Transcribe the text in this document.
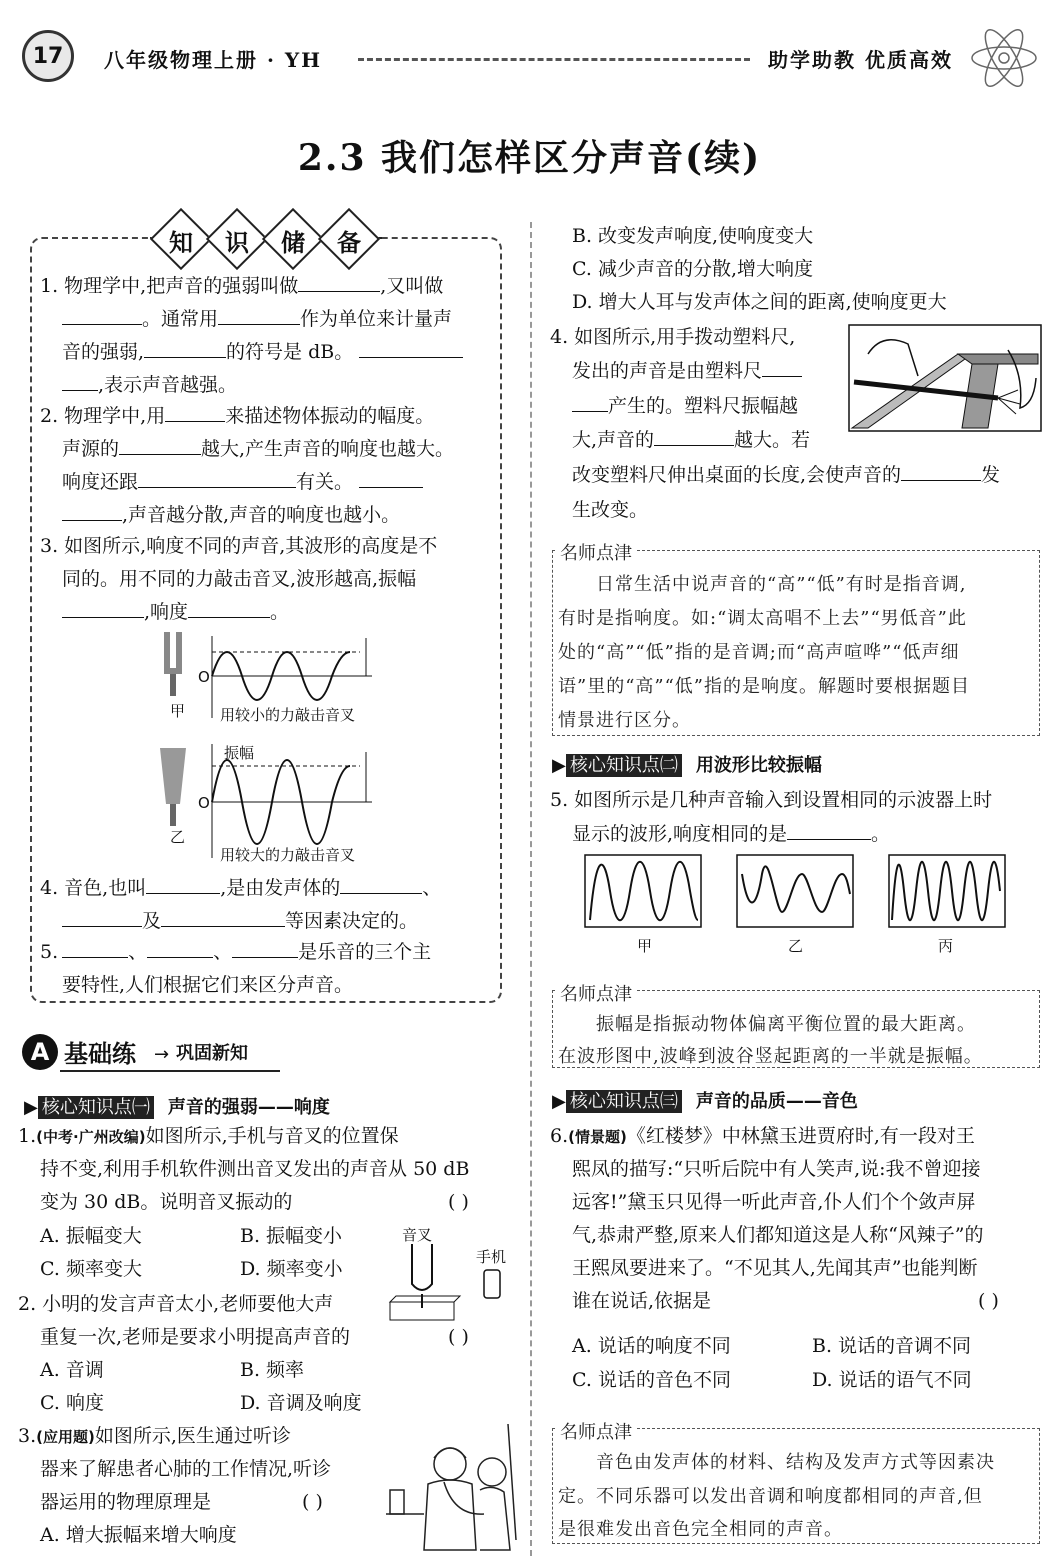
17	八年级物理上册 · YH	助学助教 优质高效
2.3 我们怎样区分声音(续)
知	识	储	备
1. 物理学中,把声音的强弱叫做	,又叫做
。通常用	作为单位来计量声
音的强弱,	的符号是 dB。
,表示声音越强。
2. 物理学中,用	来描述物体振动的幅度。
声源的	越大,产生声音的响度也越大。
响度还跟	有关。
,声音越分散,声音的响度也越小。
3. 如图所示,响度不同的声音,其波形的高度是不
同的。用不同的力敲击音叉,波形越高,振幅
,响度	。
O
O
甲 用较小的力敲击音叉
振幅
乙
用较大的力敲击音叉
4. 音色,也叫	,是由发声体的	、
及	等因素决定的。
5.	、	、	是乐音的三个主
要特性,人们根据它们来区分声音。
A 基础练 → 巩固新知
▶ 核心知识点㈠ 声音的强弱——响度
1.(中考·广州改编)如图所示,手机与音叉的位置保
持不变,利用手机软件测出音叉发出的声音从 50 dB
变为 30 dB。说明音叉振动的	( )
A. 振幅变大	B. 振幅变小
C. 频率变大	D. 频率变小
音叉
手机
2. 小明的发言声音太小,老师要他大声
重复一次,老师是要求小明提高声音的	( )
A. 音调	B. 频率
C. 响度	D. 音调及响度
3.(应用题)如图所示,医生通过听诊
器来了解患者心肺的工作情况,听诊
器运用的物理原理是	( )
A. 增大振幅来增大响度
B. 改变发声响度,使响度变大
C. 减少声音的分散,增大响度
D. 增大人耳与发声体之间的距离,使响度更大
4. 如图所示,用手拨动塑料尺,
发出的声音是由塑料尺
产生的。塑料尺振幅越
大,声音的	越大。若
改变塑料尺伸出桌面的长度,会使声音的	发
生改变。
名师点津
日常生活中说声音的“高”“低”有时是指音调,
有时是指响度。如:“调太高唱不上去”“男低音”此
处的“高”“低”指的是音调;而“高声喧哗”“低声细
语”里的“高”“低”指的是响度。解题时要根据题目
情景进行区分。
▶ 核心知识点㈡ 用波形比较振幅
5. 如图所示是几种声音输入到设置相同的示波器上时
显示的波形,响度相同的是	。
甲	乙	丙
名师点津
振幅是指振动物体偏离平衡位置的最大距离。
在波形图中,波峰到波谷竖起距离的一半就是振幅。
▶ 核心知识点㈢ 声音的品质——音色
6.(情景题)《红楼梦》中林黛玉进贾府时,有一段对王
熙凤的描写:“只听后院中有人笑声,说:我不曾迎接
远客!”黛玉只见得一听此声音,仆人们个个敛声屏
气,恭肃严整,原来人们都知道这是人称“风辣子”的
王熙凤要进来了。“不见其人,先闻其声”也能判断
谁在说话,依据是	( )
A. 说话的响度不同	B. 说话的音调不同
C. 说话的音色不同	D. 说话的语气不同
名师点津
音色由发声体的材料、结构及发声方式等因素决
定。不同乐器可以发出音调和响度都相同的声音,但
是很难发出音色完全相同的声音。
